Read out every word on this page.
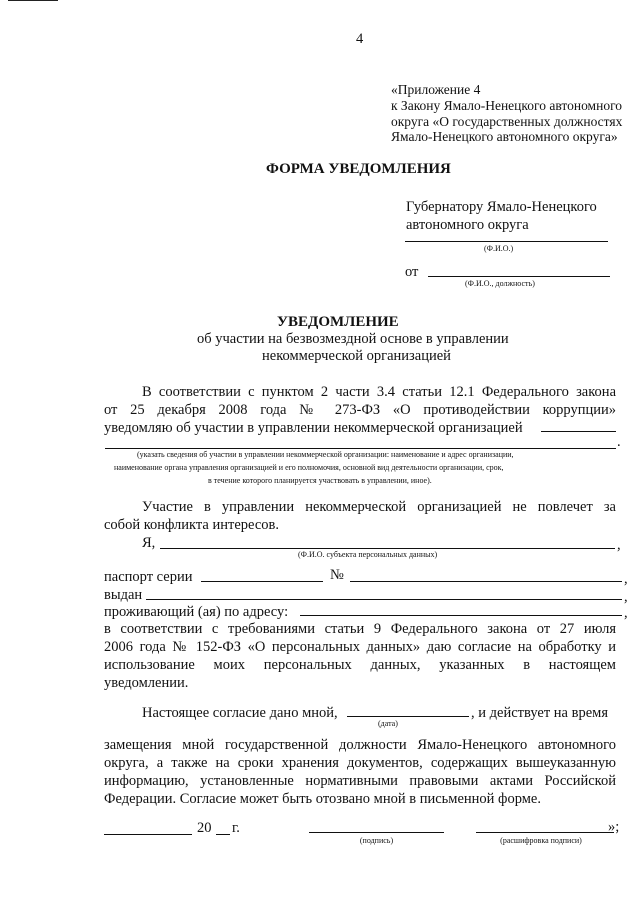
4
«Приложение 4
к Закону Ямало-Ненецкого автономного
округа «О государственных должностях
Ямало-Ненецкого автономного округа»
ФОРМА УВЕДОМЛЕНИЯ
Губернатору Ямало-Ненецкого
автономного округа
(Ф.И.О.)
от
(Ф.И.О., должность)
УВЕДОМЛЕНИЕ
об участии на безвозмездной основе в управлении
некоммерческой организацией
В соответствии с пунктом 2 части 3.4 статьи 12.1 Федерального закона
от 25 декабря 2008 года № 273-ФЗ «О противодействии коррупции»
уведомляю об участии в управлении некоммерческой организацией
.
(указать сведения об участии в управлении некоммерческой организации: наименование и адрес организации,
наименование органа управления организацией и его полномочия, основной вид деятельности организации, срок,
в течение которого планируется участвовать в управлении, иное).
Участие в управлении некоммерческой организацией не повлечет за
собой конфликта интересов.
Я,	,
(Ф.И.О. субъекта персональных данных)
паспорт серии	№	,
выдан	,
проживающий (ая) по адресу:	,
в соответствии с требованиями статьи 9 Федерального закона от 27 июля
2006 года № 152-ФЗ «О персональных данных» даю согласие на обработку и
использование моих персональных данных, указанных в настоящем
уведомлении.
Настоящее согласие дано мной,
(дата)
, и действует на время
замещения мной государственной должности Ямало-Ненецкого автономного
округа, а также на сроки хранения документов, содержащих вышеуказанную
информацию, установленные нормативными правовыми актами Российской
Федерации. Согласие может быть отозвано мной в письменной форме.
20 г.
(подпись)	(расшифровка подписи)
»;
